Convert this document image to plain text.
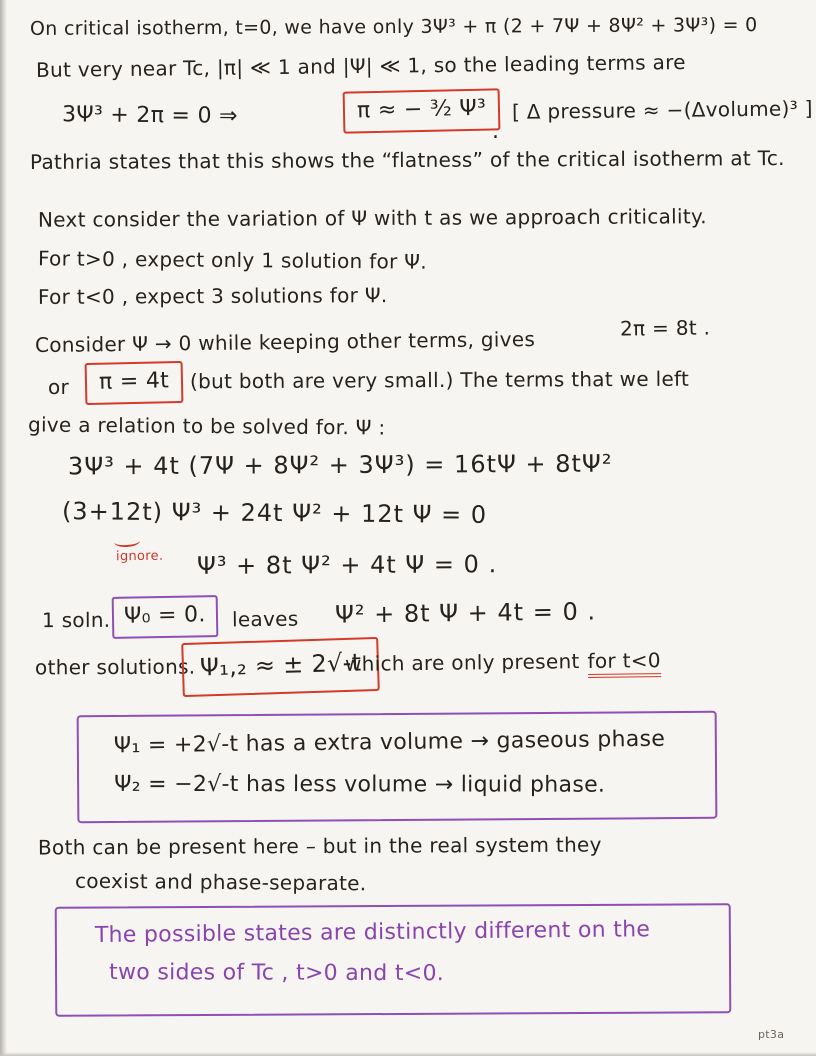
On critical isotherm, t=0, we have only 3Ψ³ + π (2 + 7Ψ + 8Ψ² + 3Ψ³) = 0
But very near Tc, |π| ≪ 1 and |Ψ| ≪ 1, so the leading terms are
3Ψ³ + 2π = 0 ⇒	π ≈ − ³⁄₂ Ψ³
.
[ Δ pressure ≈ −(Δvolume)³ ]
Pathria states that this shows the “flatness” of the critical isotherm at Tc.
Next consider the variation of Ψ with t as we approach criticality.
For t>0 , expect only 1 solution for Ψ.
For t<0 , expect 3 solutions for Ψ.
Consider Ψ → 0 while keeping other terms, gives	2π = 8t .
or	π = 4t	(but both are very small.) The terms that we left
give a relation to be solved for. Ψ :
3Ψ³ + 4t (7Ψ + 8Ψ² + 3Ψ³) = 16tΨ + 8tΨ²
(3+12t) Ψ³ + 24t Ψ² + 12t Ψ = 0
ignore. Ψ³ + 8t Ψ² + 4t Ψ = 0 .
1 soln. Ψ₀ = 0.	leaves Ψ² + 8t Ψ + 4t = 0 .
other solutions. Ψ₁,₂ ≈ ± 2√-t
which are only present for t<0
Ψ₁ = +2√-t has a extra volume → gaseous phase
Ψ₂ = −2√-t has less volume → liquid phase.
Both can be present here – but in the real system they
coexist and phase-separate.
The possible states are distinctly different on the
two sides of Tc , t>0 and t<0.
pt3a
